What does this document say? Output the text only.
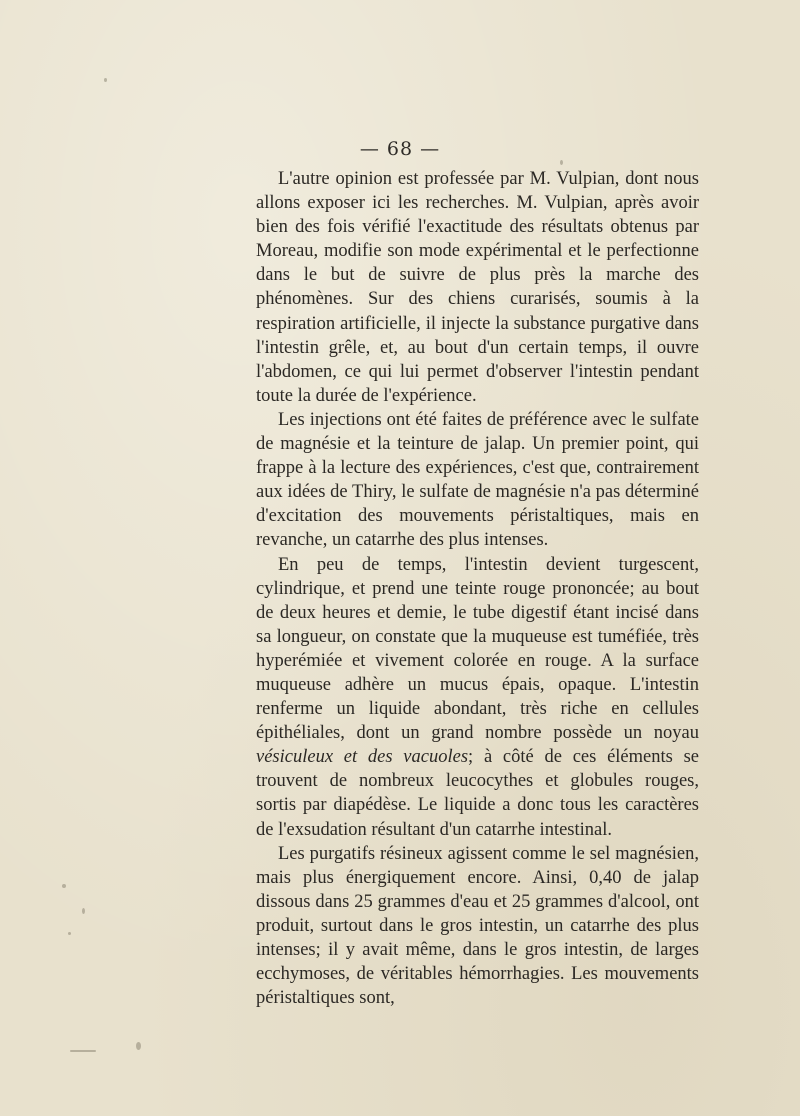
— 68 —

L'autre opinion est professée par M. Vulpian, dont nous allons exposer ici les recherches. M. Vulpian, après avoir bien des fois vérifié l'exactitude des résultats obtenus par Moreau, modifie son mode expérimental et le perfectionne dans le but de suivre de plus près la marche des phénomènes. Sur des chiens curarisés, soumis à la respiration artificielle, il injecte la substance purgative dans l'intestin grêle, et, au bout d'un certain temps, il ouvre l'abdomen, ce qui lui permet d'observer l'intestin pendant toute la durée de l'expérience.

Les injections ont été faites de préférence avec le sulfate de magnésie et la teinture de jalap. Un premier point, qui frappe à la lecture des expériences, c'est que, contrairement aux idées de Thiry, le sulfate de magnésie n'a pas déterminé d'excitation des mouvements péristaltiques, mais en revanche, un catarrhe des plus intenses.

En peu de temps, l'intestin devient turgescent, cylindrique, et prend une teinte rouge prononcée; au bout de deux heures et demie, le tube digestif étant incisé dans sa longueur, on constate que la muqueuse est tuméfiée, très hyperémiée et vivement colorée en rouge. A la surface muqueuse adhère un mucus épais, opaque. L'intestin renferme un liquide abondant, très riche en cellules épithéliales, dont un grand nombre possède un noyau vésiculeux et des vacuoles; à côté de ces éléments se trouvent de nombreux leucocythes et globules rouges, sortis par diapédèse. Le liquide a donc tous les caractères de l'exsudation résultant d'un catarrhe intestinal.

Les purgatifs résineux agissent comme le sel magnésien, mais plus énergiquement encore. Ainsi, 0,40 de jalap dissous dans 25 grammes d'eau et 25 grammes d'alcool, ont produit, surtout dans le gros intestin, un catarrhe des plus intenses; il y avait même, dans le gros intestin, de larges ecchymoses, de véritables hémorrhagies. Les mouvements péristaltiques sont,
